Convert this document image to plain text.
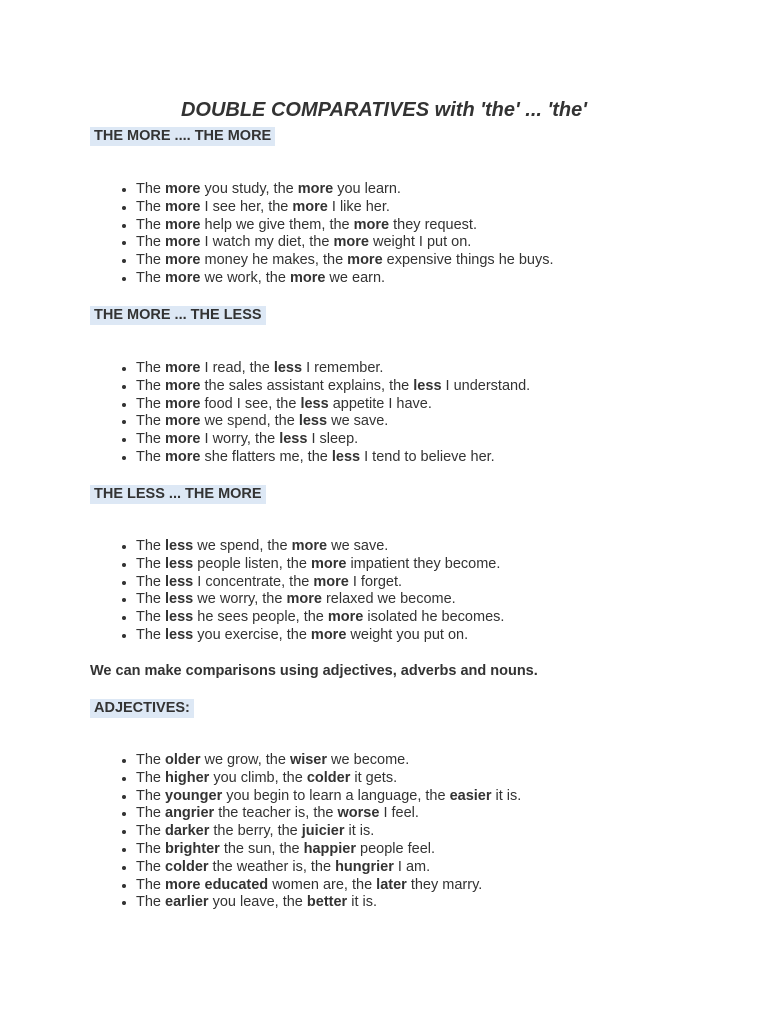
DOUBLE COMPARATIVES with 'the' ... 'the'
THE MORE .... THE MORE
• The more you study, the more you learn.
• The more I see her, the more I like her.
• The more help we give them, the more they request.
• The more I watch my diet, the more weight I put on.
• The more money he makes, the more expensive things he buys.
• The more we work, the more we earn.
THE MORE ... THE LESS
• The more I read, the less I remember.
• The more the sales assistant explains, the less I understand.
• The more food I see, the less appetite I have.
• The more we spend, the less we save.
• The more I worry, the less I sleep.
• The more she flatters me, the less I tend to believe her.
THE LESS ... THE MORE
• The less we spend, the more we save.
• The less people listen, the more impatient they become.
• The less I concentrate, the more I forget.
• The less we worry, the more relaxed we become.
• The less he sees people, the more isolated he becomes.
• The less you exercise, the more weight you put on.

We can make comparisons using adjectives, adverbs and nouns.

ADJECTIVES:
• The older we grow, the wiser we become.
• The higher you climb, the colder it gets.
• The younger you begin to learn a language, the easier it is.
• The angrier the teacher is, the worse I feel.
• The darker the berry, the juicier it is.
• The brighter the sun, the happier people feel.
• The colder the weather is, the hungrier I am.
• The more educated women are, the later they marry.
• The earlier you leave, the better it is.
